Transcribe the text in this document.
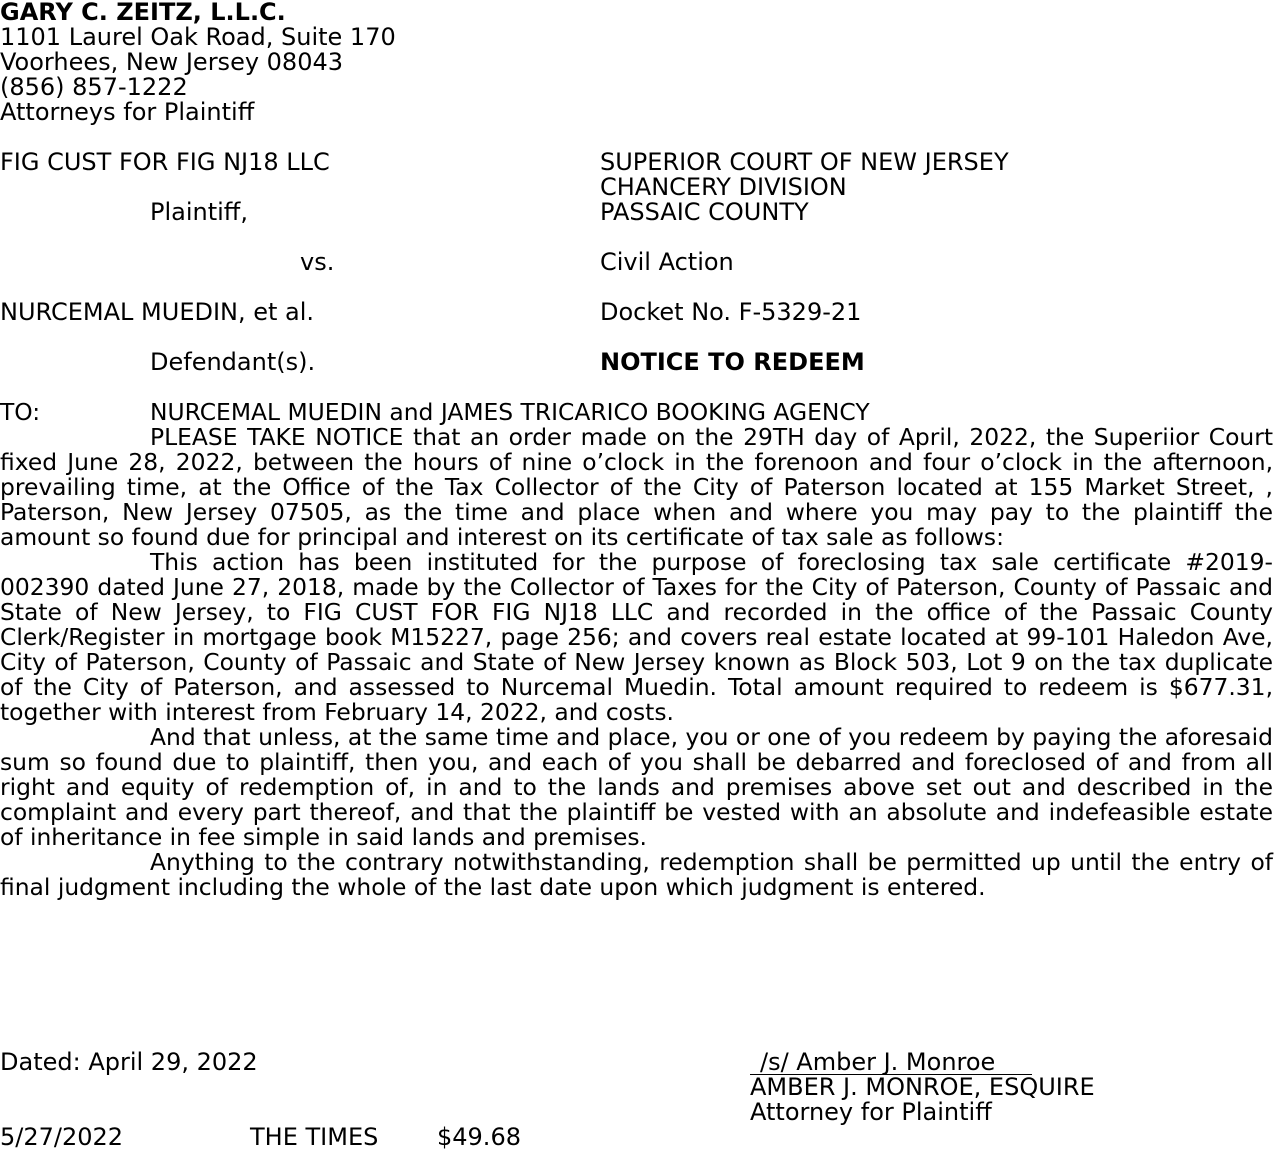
GARY C. ZEITZ, L.L.C.
1101 Laurel Oak Road, Suite 170
Voorhees, New Jersey 08043
(856) 857-1222
Attorneys for Plaintiff
FIG CUST FOR FIG NJ18 LLC
Plaintiff,
vs.
NURCEMAL MUEDIN, et al.
Defendant(s).
SUPERIOR COURT OF NEW JERSEY
CHANCERY DIVISION
PASSAIC COUNTY
Civil Action
Docket No. F-5329-21
NOTICE TO REDEEM
TO:	NURCEMAL MUEDIN and JAMES TRICARICO BOOKING AGENCY

PLEASE TAKE NOTICE that an order made on the 29TH day of April, 2022, the Superiior Court fixed June 28, 2022, between the hours of nine o’clock in the forenoon and four o’clock in the afternoon, prevailing time, at the Office of the Tax Collector of the City of Paterson located at 155 Market Street, , Paterson, New Jersey 07505, as the time and place when and where you may pay to the plaintiff the amount so found due for principal and interest on its certificate of tax sale as follows:

This action has been instituted for the purpose of foreclosing tax sale certificate #2019-002390 dated June 27, 2018, made by the Collector of Taxes for the City of Paterson, County of Passaic and State of New Jersey, to FIG CUST FOR FIG NJ18 LLC and recorded in the office of the Passaic County Clerk/Register in mortgage book M15227, page 256; and covers real estate located at 99-101 Haledon Ave, City of Paterson, County of Passaic and State of New Jersey known as Block 503, Lot 9 on the tax duplicate of the City of Paterson, and assessed to Nurcemal Muedin. Total amount required to redeem is $677.31, together with interest from February 14, 2022, and costs.

And that unless, at the same time and place, you or one of you redeem by paying the aforesaid sum so found due to plaintiff, then you, and each of you shall be debarred and foreclosed of and from all right and equity of redemption of, in and to the lands and premises above set out and described in the complaint and every part thereof, and that the plaintiff be vested with an absolute and indefeasible estate of inheritance in fee simple in said lands and premises.

Anything to the contrary notwithstanding, redemption shall be permitted up until the entry of final judgment including the whole of the last date upon which judgment is entered.

Dated: April 29, 2022	/s/ Amber J. Monroe
AMBER J. MONROE, ESQUIRE
Attorney for Plaintiff
5/27/2022	THE TIMES $49.68
